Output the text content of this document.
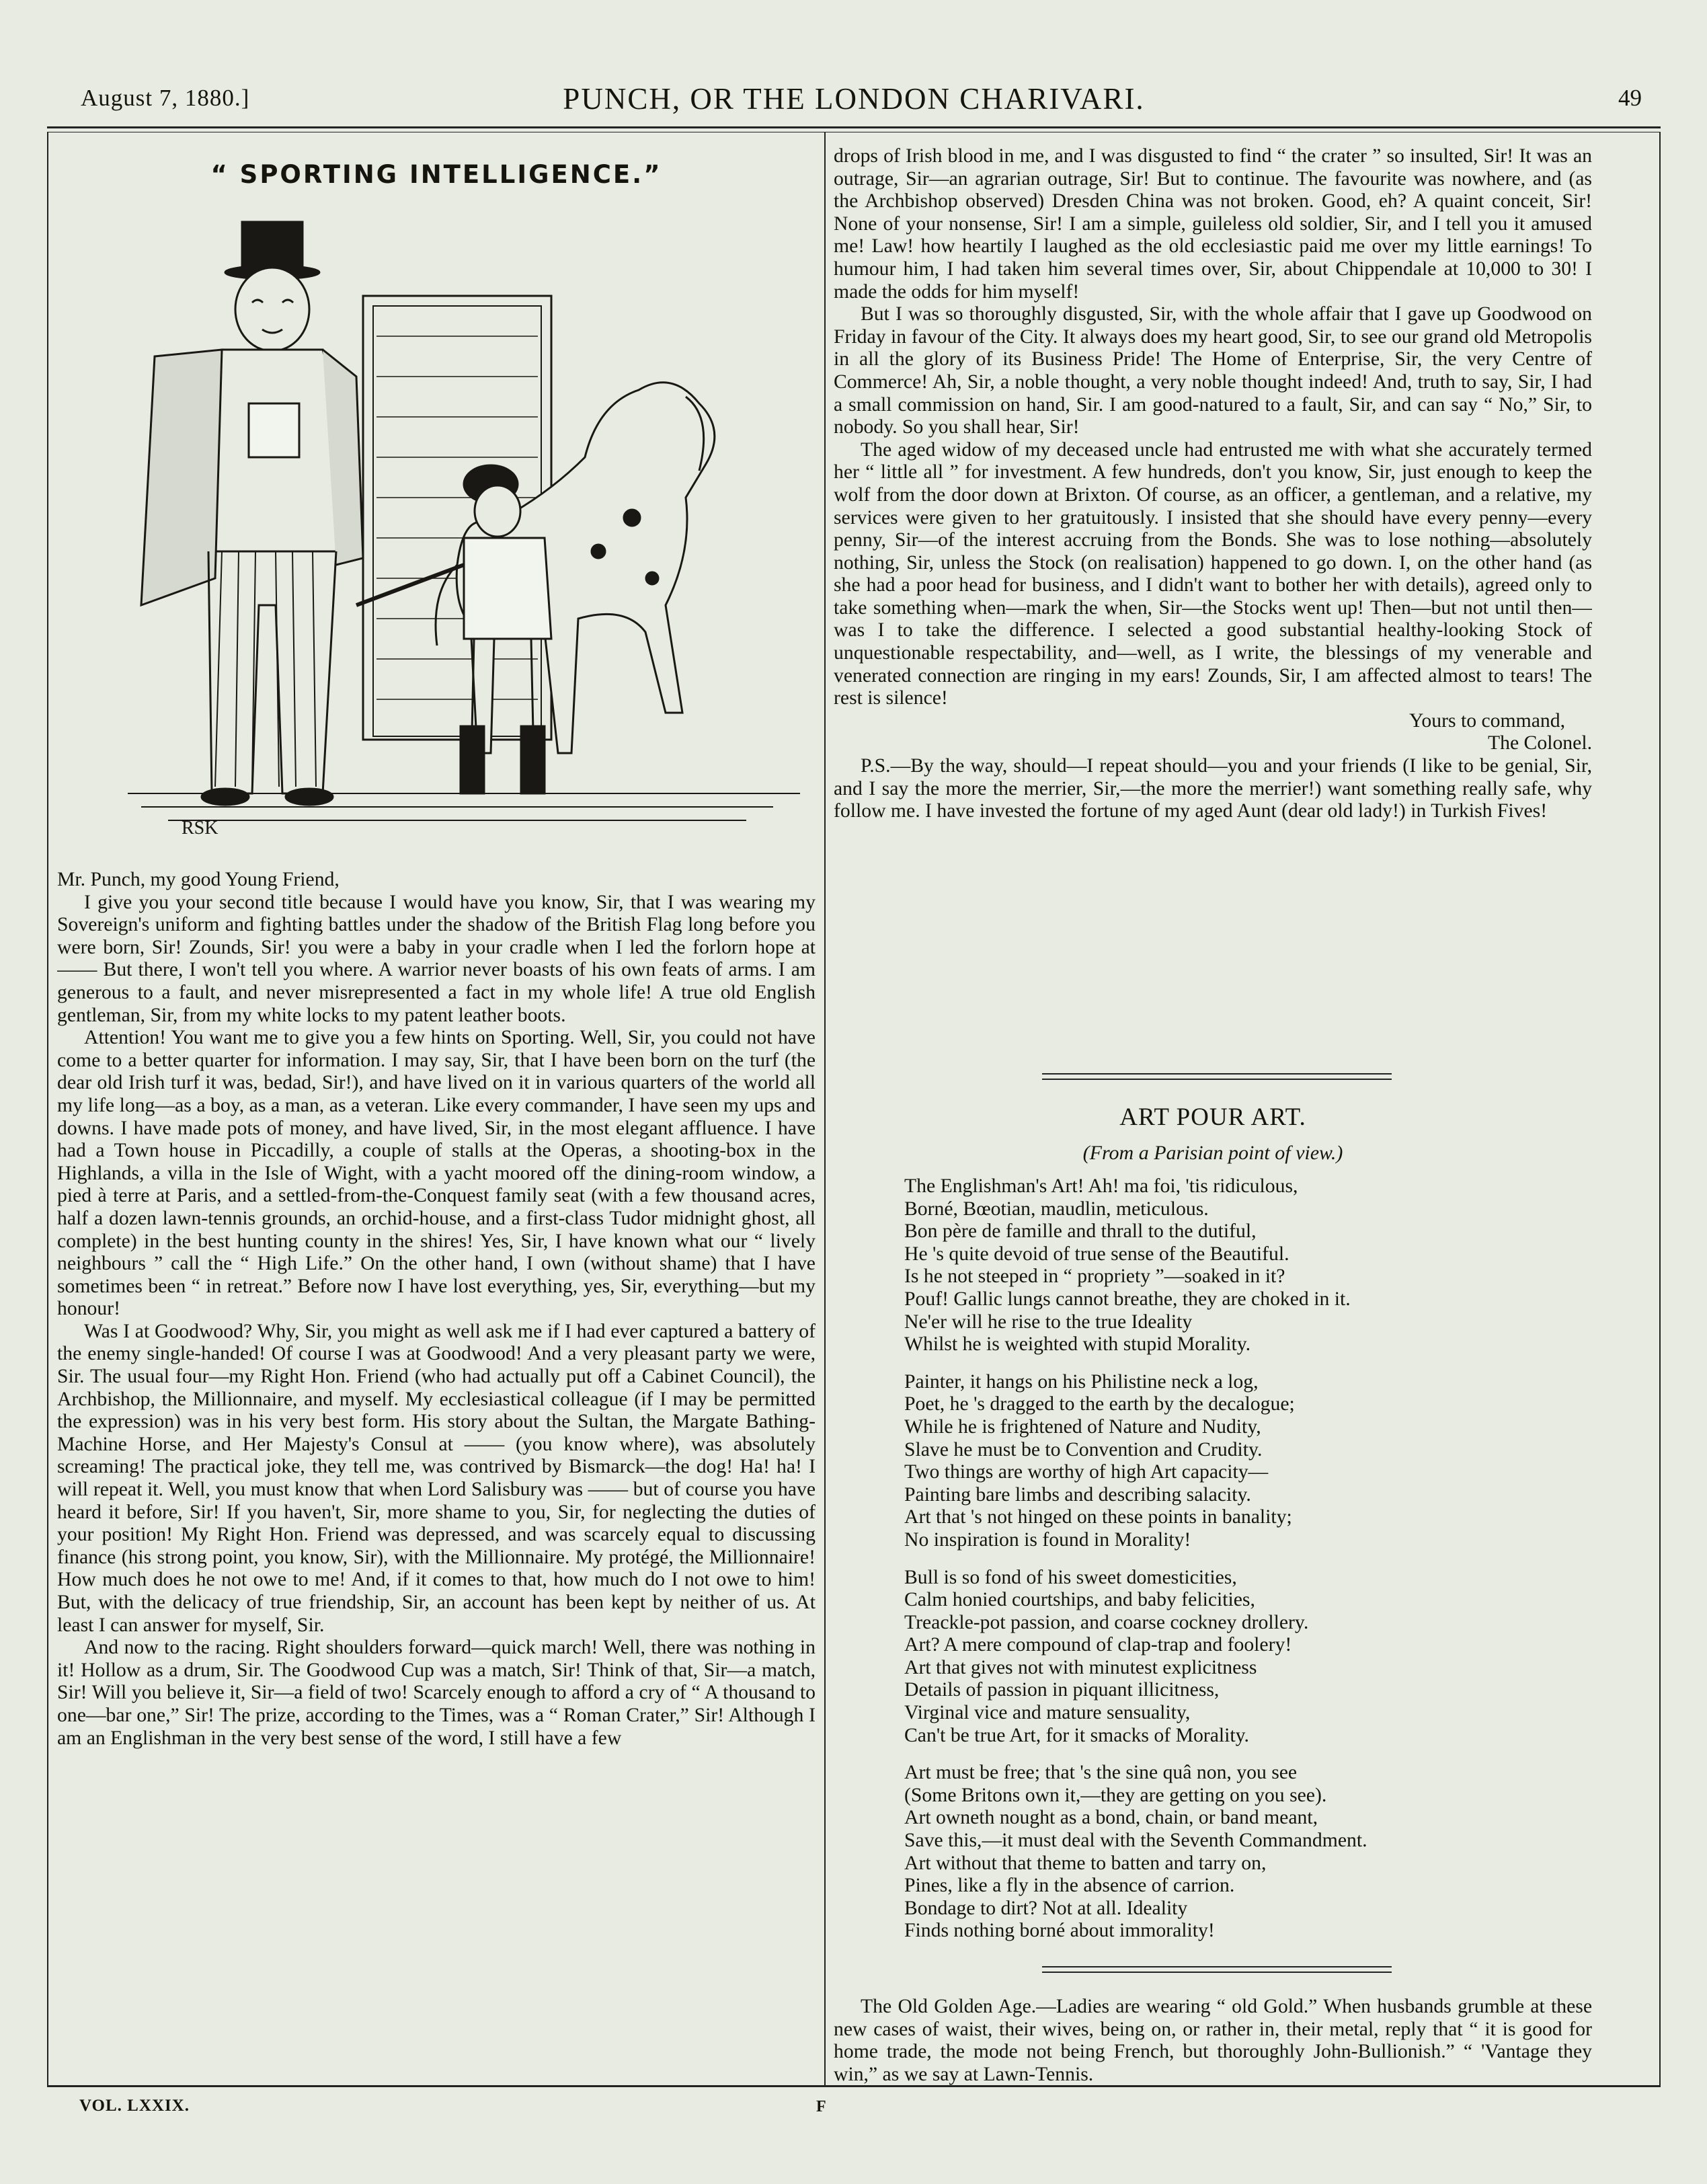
August 7, 1880.]	PUNCH, OR THE LONDON CHARIVARI.	49
“ SPORTING INTELLIGENCE.”
RSK

Mr. Punch, my good Young Friend,

I give you your second title because I would have you know, Sir, that I was wearing my Sovereign's uniform and fighting battles under the shadow of the British Flag long before you were born, Sir! Zounds, Sir! you were a baby in your cradle when I led the forlorn hope at —— But there, I won't tell you where. A warrior never boasts of his own feats of arms. I am generous to a fault, and never misrepresented a fact in my whole life! A true old English gentleman, Sir, from my white locks to my patent leather boots.

Attention! You want me to give you a few hints on Sporting. Well, Sir, you could not have come to a better quarter for information. I may say, Sir, that I have been born on the turf (the dear old Irish turf it was, bedad, Sir!), and have lived on it in various quarters of the world all my life long—as a boy, as a man, as a veteran. Like every commander, I have seen my ups and downs. I have made pots of money, and have lived, Sir, in the most elegant affluence. I have had a Town house in Piccadilly, a couple of stalls at the Operas, a shooting-box in the Highlands, a villa in the Isle of Wight, with a yacht moored off the dining-room window, a pied à terre at Paris, and a settled-from-the-Conquest family seat (with a few thousand acres, half a dozen lawn-tennis grounds, an orchid-house, and a first-class Tudor midnight ghost, all complete) in the best hunting county in the shires! Yes, Sir, I have known what our “ lively neighbours ” call the “ High Life.” On the other hand, I own (without shame) that I have sometimes been “ in retreat.” Before now I have lost everything, yes, Sir, everything—but my honour!

Was I at Goodwood? Why, Sir, you might as well ask me if I had ever captured a battery of the enemy single-handed! Of course I was at Goodwood! And a very pleasant party we were, Sir. The usual four—my Right Hon. Friend (who had actually put off a Cabinet Council), the Archbishop, the Millionnaire, and myself. My ecclesiastical colleague (if I may be permitted the expression) was in his very best form. His story about the Sultan, the Margate Bathing-Machine Horse, and Her Majesty's Consul at —— (you know where), was absolutely screaming! The practical joke, they tell me, was contrived by Bismarck—the dog! Ha! ha! I will repeat it. Well, you must know that when Lord Salisbury was —— but of course you have heard it before, Sir! If you haven't, Sir, more shame to you, Sir, for neglecting the duties of your position! My Right Hon. Friend was depressed, and was scarcely equal to discussing finance (his strong point, you know, Sir), with the Millionnaire. My protégé, the Millionnaire! How much does he not owe to me! And, if it comes to that, how much do I not owe to him! But, with the delicacy of true friendship, Sir, an account has been kept by neither of us. At least I can answer for myself, Sir.

And now to the racing. Right shoulders forward—quick march! Well, there was nothing in it! Hollow as a drum, Sir. The Goodwood Cup was a match, Sir! Think of that, Sir—a match, Sir! Will you believe it, Sir—a field of two! Scarcely enough to afford a cry of “ A thousand to one—bar one,” Sir! The prize, according to the Times, was a “ Roman Crater,” Sir! Although I am an Englishman in the very best sense of the word, I still have a few

drops of Irish blood in me, and I was disgusted to find “ the crater ” so insulted, Sir! It was an outrage, Sir—an agrarian outrage, Sir! But to continue. The favourite was nowhere, and (as the Archbishop observed) Dresden China was not broken. Good, eh? A quaint conceit, Sir! None of your nonsense, Sir! I am a simple, guileless old soldier, Sir, and I tell you it amused me! Law! how heartily I laughed as the old ecclesiastic paid me over my little earnings! To humour him, I had taken him several times over, Sir, about Chippendale at 10,000 to 30! I made the odds for him myself!

But I was so thoroughly disgusted, Sir, with the whole affair that I gave up Goodwood on Friday in favour of the City. It always does my heart good, Sir, to see our grand old Metropolis in all the glory of its Business Pride! The Home of Enterprise, Sir, the very Centre of Commerce! Ah, Sir, a noble thought, a very noble thought indeed! And, truth to say, Sir, I had a small commission on hand, Sir. I am good-natured to a fault, Sir, and can say “ No,” Sir, to nobody. So you shall hear, Sir!

The aged widow of my deceased uncle had entrusted me with what she accurately termed her “ little all ” for investment. A few hundreds, don't you know, Sir, just enough to keep the wolf from the door down at Brixton. Of course, as an officer, a gentleman, and a relative, my services were given to her gratuitously. I insisted that she should have every penny—every penny, Sir—of the interest accruing from the Bonds. She was to lose nothing—absolutely nothing, Sir, unless the Stock (on realisation) happened to go down. I, on the other hand (as she had a poor head for business, and I didn't want to bother her with details), agreed only to take something when—mark the when, Sir—the Stocks went up! Then—but not until then—was I to take the difference. I selected a good substantial healthy-looking Stock of unquestionable respectability, and—well, as I write, the blessings of my venerable and venerated connection are ringing in my ears! Zounds, Sir, I am affected almost to tears! The rest is silence!

Yours to command,

The Colonel.

P.S.—By the way, should—I repeat should—you and your friends (I like to be genial, Sir, and I say the more the merrier, Sir,—the more the merrier!) want something really safe, why follow me. I have invested the fortune of my aged Aunt (dear old lady!) in Turkish Fives!

ART POUR ART.
(From a Parisian point of view.)
The Englishman's Art! Ah! ma foi, 'tis ridiculous,
Borné, Bœotian, maudlin, meticulous.
Bon père de famille and thrall to the dutiful,
He 's quite devoid of true sense of the Beautiful.
Is he not steeped in “ propriety ”—soaked in it?
Pouf! Gallic lungs cannot breathe, they are choked in it.
Ne'er will he rise to the true Ideality
Whilst he is weighted with stupid Morality.
Painter, it hangs on his Philistine neck a log,
Poet, he 's dragged to the earth by the decalogue;
While he is frightened of Nature and Nudity,
Slave he must be to Convention and Crudity.
Two things are worthy of high Art capacity—
Painting bare limbs and describing salacity.
Art that 's not hinged on these points in banality;
No inspiration is found in Morality!
Bull is so fond of his sweet domesticities,
Calm honied courtships, and baby felicities,
Treackle-pot passion, and coarse cockney drollery.
Art? A mere compound of clap-trap and foolery!
Art that gives not with minutest explicitness
Details of passion in piquant illicitness,
Virginal vice and mature sensuality,
Can't be true Art, for it smacks of Morality.
Art must be free; that 's the sine quâ non, you see
(Some Britons own it,—they are getting on you see).
Art owneth nought as a bond, chain, or band meant,
Save this,—it must deal with the Seventh Commandment.
Art without that theme to batten and tarry on,
Pines, like a fly in the absence of carrion.
Bondage to dirt? Not at all. Ideality
Finds nothing borné about immorality!

The Old Golden Age.—Ladies are wearing “ old Gold.” When husbands grumble at these new cases of waist, their wives, being on, or rather in, their metal, reply that “ it is good for home trade, the mode not being French, but thoroughly John-Bullionish.” “ 'Vantage they win,” as we say at Lawn-Tennis.

VOL. LXXIX.	F
